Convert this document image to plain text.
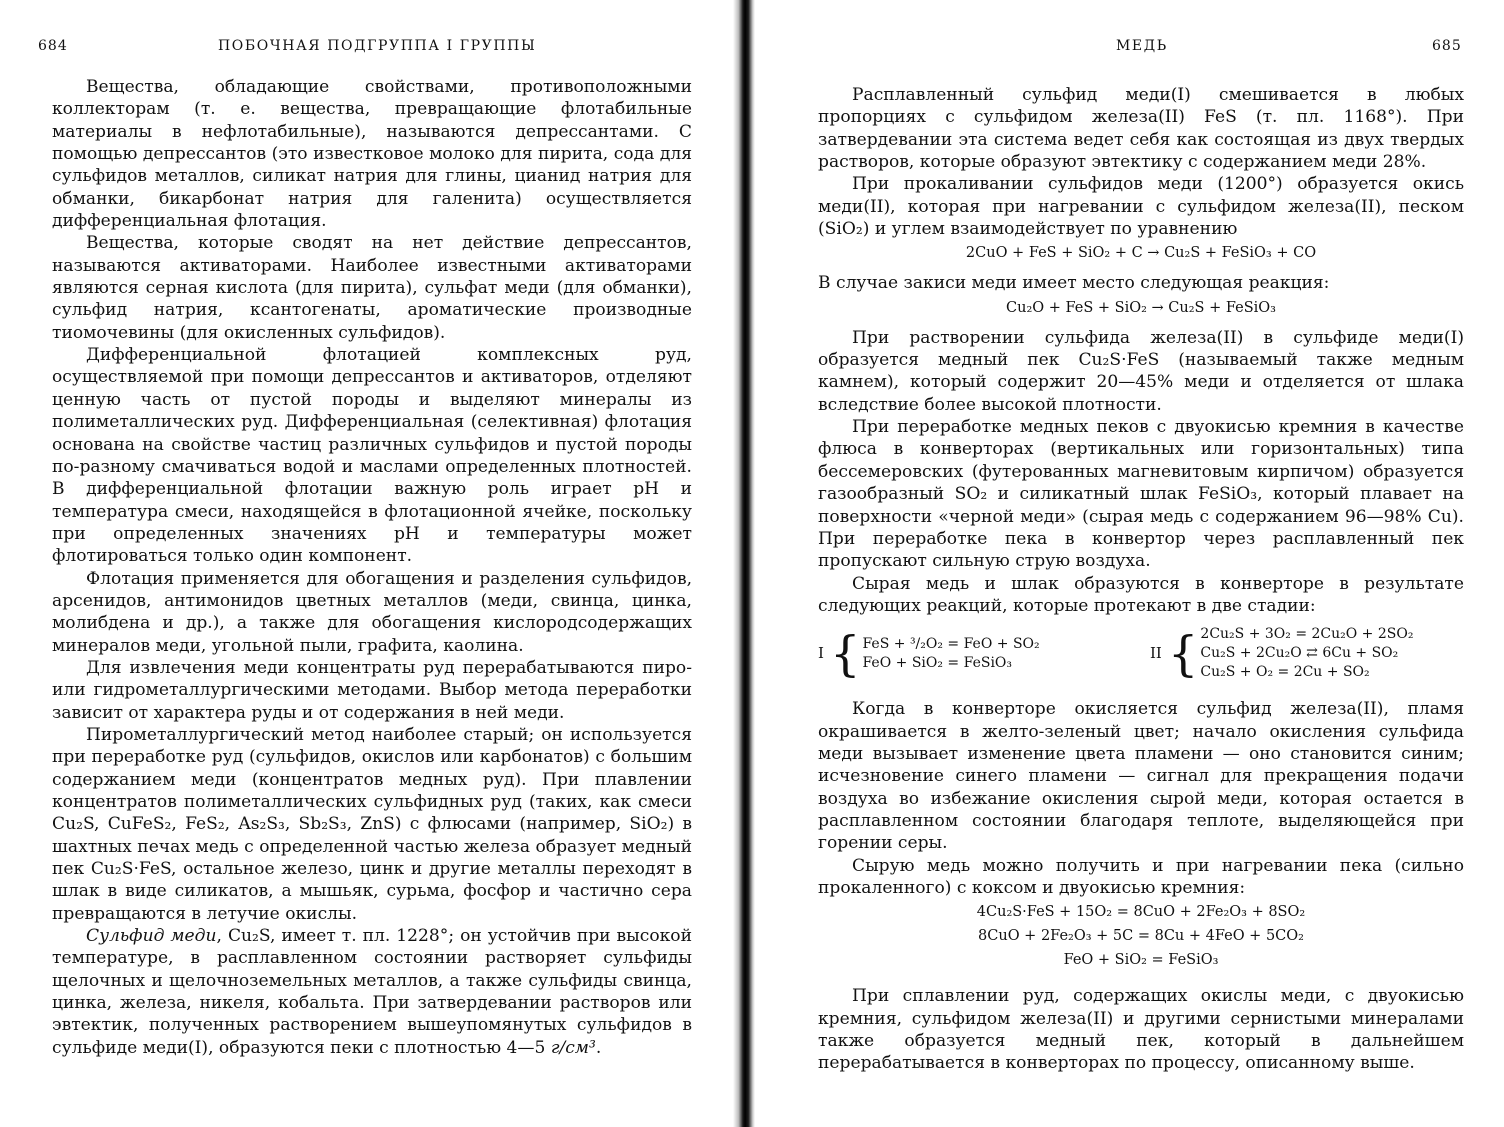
684	ПОБОЧНАЯ ПОДГРУППА I ГРУППЫ

Вещества, обладающие свойствами, противоположными коллекторам (т. е. вещества, превращающие флотабильные материалы в нефлотабильные), называются депрессантами. С помощью депрессантов (это известковое молоко для пирита, сода для сульфидов металлов, силикат натрия для глины, цианид натрия для обманки, бикарбонат натрия для галенита) осуществляется дифференциальная флотация.

Вещества, которые сводят на нет действие депрессантов, называются активаторами. Наиболее известными активаторами являются серная кислота (для пирита), сульфат меди (для обманки), сульфид натрия, ксантогенаты, ароматические производные тиомочевины (для окисленных сульфидов).

Дифференциальной флотацией комплексных руд, осуществляемой при помощи депрессантов и активаторов, отделяют ценную часть от пустой породы и выделяют минералы из полиметаллических руд. Дифференциальная (селективная) флотация основана на свойстве частиц различных сульфидов и пустой породы по-разному смачиваться водой и маслами определенных плотностей. В дифференциальной флотации важную роль играет pH и температура смеси, находящейся в флотационной ячейке, поскольку при определенных значениях pH и температуры может флотироваться только один компонент.

Флотация применяется для обогащения и разделения сульфидов, арсенидов, антимонидов цветных металлов (меди, свинца, цинка, молибдена и др.), а также для обогащения кислородсодержащих минералов меди, угольной пыли, графита, каолина.

Для извлечения меди концентраты руд перерабатываются пиро- или гидрометаллургическими методами. Выбор метода переработки зависит от характера руды и от содержания в ней меди.

Пирометаллургический метод наиболее старый; он используется при переработке руд (сульфидов, окислов или карбонатов) с большим содержанием меди (концентратов медных руд). При плавлении концентратов полиметаллических сульфидных руд (таких, как смеси Cu₂S, CuFeS₂, FeS₂, As₂S₃, Sb₂S₃, ZnS) с флюсами (например, SiO₂) в шахтных печах медь с определенной частью железа образует медный пек Cu₂S·FeS, остальное железо, цинк и другие металлы переходят в шлак в виде силикатов, а мышьяк, сурьма, фосфор и частично сера превращаются в летучие окислы.

Сульфид меди, Cu₂S, имеет т. пл. 1228°; он устойчив при высокой температуре, в расплавленном состоянии растворяет сульфиды щелочных и щелочноземельных металлов, а также сульфиды свинца, цинка, железа, никеля, кобальта. При затвердевании растворов или эвтектик, полученных растворением вышеупомянутых сульфидов в сульфиде меди(I), образуются пеки с плотностью 4—5 г/см³.

МЕДЬ	685

Расплавленный сульфид меди(I) смешивается в любых пропорциях с сульфидом железа(II) FeS (т. пл. 1168°). При затвердевании эта система ведет себя как состоящая из двух твердых растворов, которые образуют эвтектику с содержанием меди 28%.

При прокаливании сульфидов меди (1200°) образуется окись меди(II), которая при нагревании с сульфидом железа(II), песком (SiO₂) и углем взаимодействует по уравнению

2CuO + FeS + SiO₂ + C → Cu₂S + FeSiO₃ + CO

В случае закиси меди имеет место следующая реакция:

Cu₂O + FeS + SiO₂ → Cu₂S + FeSiO₃

При растворении сульфида железа(II) в сульфиде меди(I) образуется медный пек Cu₂S·FeS (называемый также медным камнем), который содержит 20—45% меди и отделяется от шлака вследствие более высокой плотности.

При переработке медных пеков с двуокисью кремния в качестве флюса в конверторах (вертикальных или горизонтальных) типа бессемеровских (футерованных магневитовым кирпичом) образуется газообразный SO₂ и силикатный шлак FeSiO₃, который плавает на поверхности «черной меди» (сырая медь с содержанием 96—98% Cu). При переработке пека в конвертор через расплавленный пек пропускают сильную струю воздуха.

Сырая медь и шлак образуются в конверторе в результате следующих реакций, которые протекают в две стадии:

I { FeS + ³/₂O₂ = FeO + SO₂
FeO + SiO₂ = FeSiO₃
II { 2Cu₂S + 3O₂ = 2Cu₂O + 2SO₂
Cu₂S + 2Cu₂O ⇄ 6Cu + SO₂
Cu₂S + O₂ = 2Cu + SO₂

Когда в конверторе окисляется сульфид железа(II), пламя окрашивается в желто-зеленый цвет; начало окисления сульфида меди вызывает изменение цвета пламени — оно становится синим; исчезновение синего пламени — сигнал для прекращения подачи воздуха во избежание окисления сырой меди, которая остается в расплавленном состоянии благодаря теплоте, выделяющейся при горении серы.

Сырую медь можно получить и при нагревании пека (сильно прокаленного) с коксом и двуокисью кремния:

4Cu₂S·FeS + 15O₂ = 8CuO + 2Fe₂O₃ + 8SO₂
8CuO + 2Fe₂O₃ + 5C = 8Cu + 4FeO + 5CO₂
FeO + SiO₂ = FeSiO₃

При сплавлении руд, содержащих окислы меди, с двуокисью кремния, сульфидом железа(II) и другими сернистыми минералами также образуется медный пек, который в дальнейшем перерабатывается в конверторах по процессу, описанному выше.
